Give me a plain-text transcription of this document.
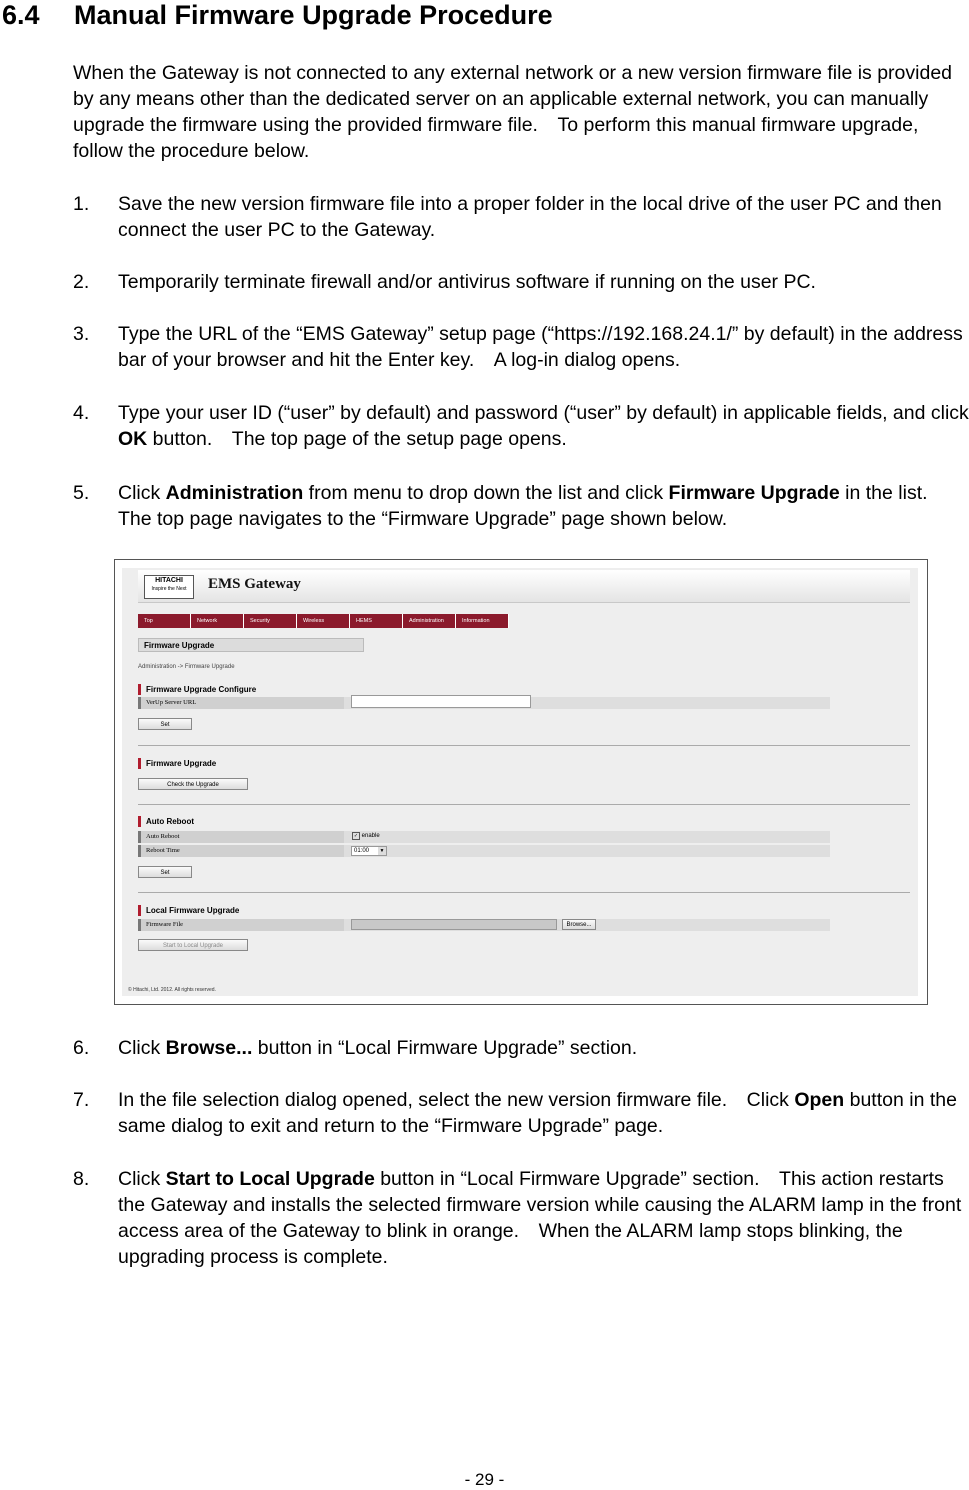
6.4 Manual Firmware Upgrade Procedure
When the Gateway is not connected to any external network or a new version firmware file is provided by any means other than the dedicated server on an applicable external network, you can manually upgrade the firmware using the provided firmware file.　To perform this manual firmware upgrade, follow the procedure below.
1. Save the new version firmware file into a proper folder in the local drive of the user PC and then connect the user PC to the Gateway.
2. Temporarily terminate firewall and/or antivirus software if running on the user PC.
3. Type the URL of the “EMS Gateway” setup page (“https://192.168.24.1/” by default) in the address bar of your browser and hit the Enter key.　A log-in dialog opens.
4. Type your user ID (“user” by default) and password (“user” by default) in applicable fields, and click OK button.　The top page of the setup page opens.
5. Click Administration from menu to drop down the list and click Firmware Upgrade in the list.　The top page navigates to the “Firmware Upgrade” page shown below.
HITACHI
Inspire the Next	EMS Gateway
Top	Network	Security	Wireless	HEMS	Administration	Information
Firmware Upgrade
Administration -> Firmware Upgrade
Firmware Upgrade Configure
VerUp Server URL
Set
Firmware Upgrade
Check the Upgrade
Auto Reboot
Auto Reboot	✓ enable
Reboot Time	01:00	▼
Set
Local Firmware Upgrade
Firmware File	Browse...
Start to Local Upgrade
© Hitachi, Ltd. 2012. All rights reserved.
6. Click Browse... button in “Local Firmware Upgrade” section.
7. In the file selection dialog opened, select the new version firmware file.　Click Open button in the same dialog to exit and return to the “Firmware Upgrade” page.
8. Click Start to Local Upgrade button in “Local Firmware Upgrade” section.　This action restarts the Gateway and installs the selected firmware version while causing the ALARM lamp in the front access area of the Gateway to blink in orange.　When the ALARM lamp stops blinking, the upgrading process is complete.
- 29 -
